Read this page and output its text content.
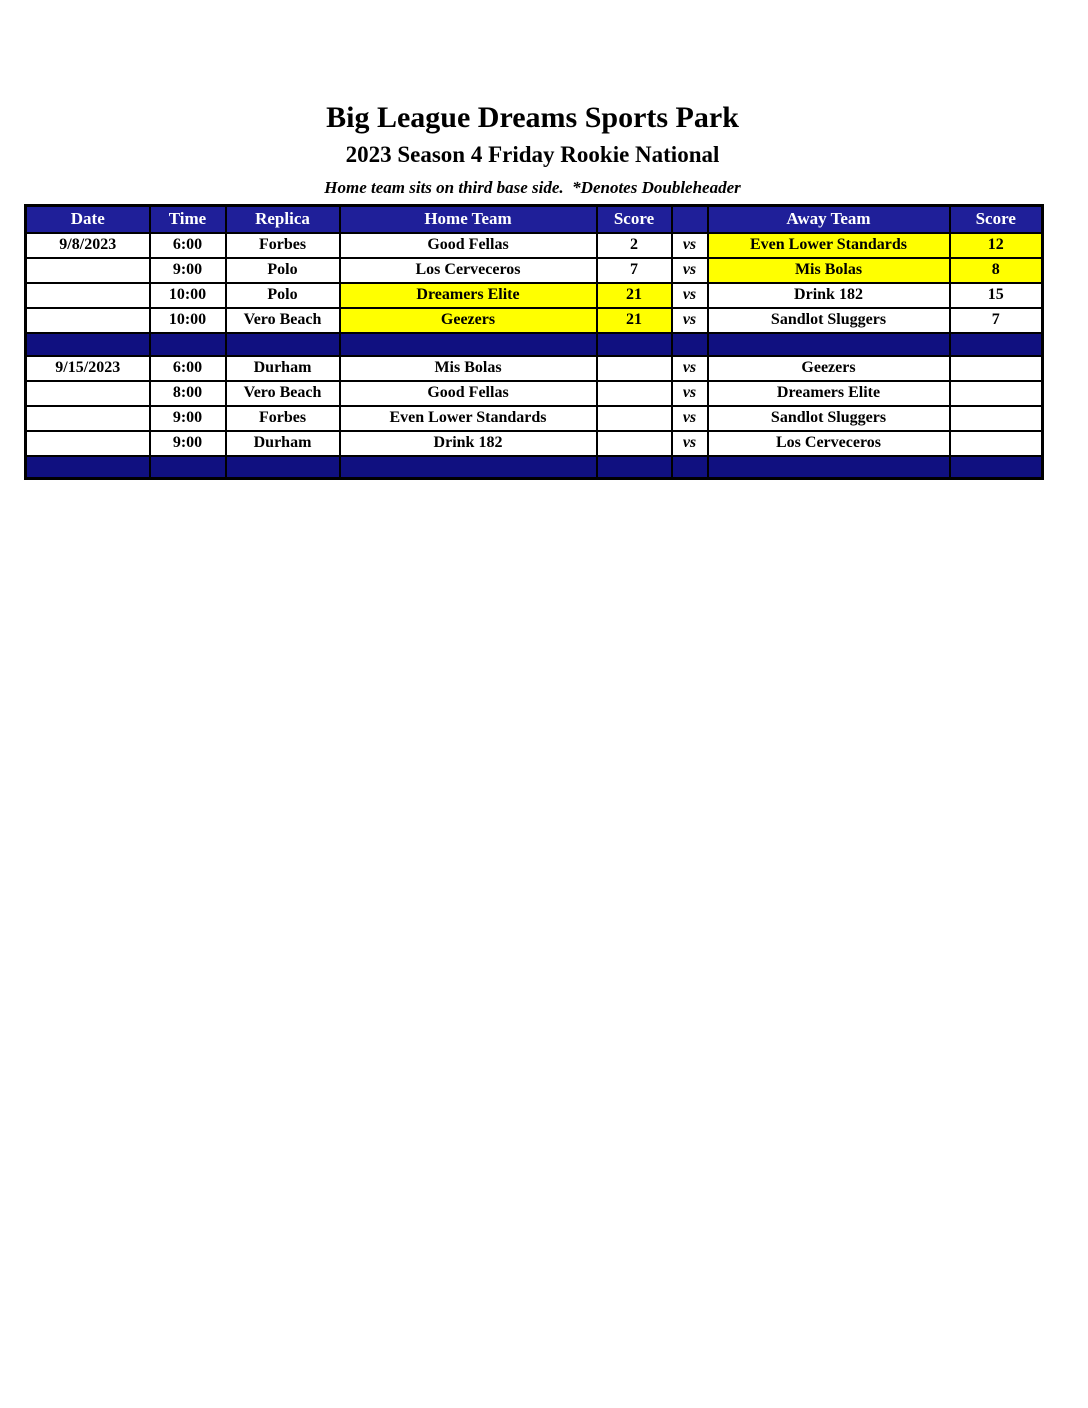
Big League Dreams Sports Park
2023 Season 4 Friday Rookie National
Home team sits on third base side.  *Denotes Doubleheader
Date	Time	Replica	Home Team	Score		Away Team	Score
9/8/2023	6:00	Forbes	Good Fellas	2	vs	Even Lower Standards	12
	9:00	Polo	Los Cerveceros	7	vs	Mis Bolas	8
	10:00	Polo	Dreamers Elite	21	vs	Drink 182	15
	10:00	Vero Beach	Geezers	21	vs	Sandlot Sluggers	7

9/15/2023	6:00	Durham	Mis Bolas		vs	Geezers	
	8:00	Vero Beach	Good Fellas		vs	Dreamers Elite	
	9:00	Forbes	Even Lower Standards		vs	Sandlot Sluggers	
	9:00	Durham	Drink 182		vs	Los Cerveceros	
